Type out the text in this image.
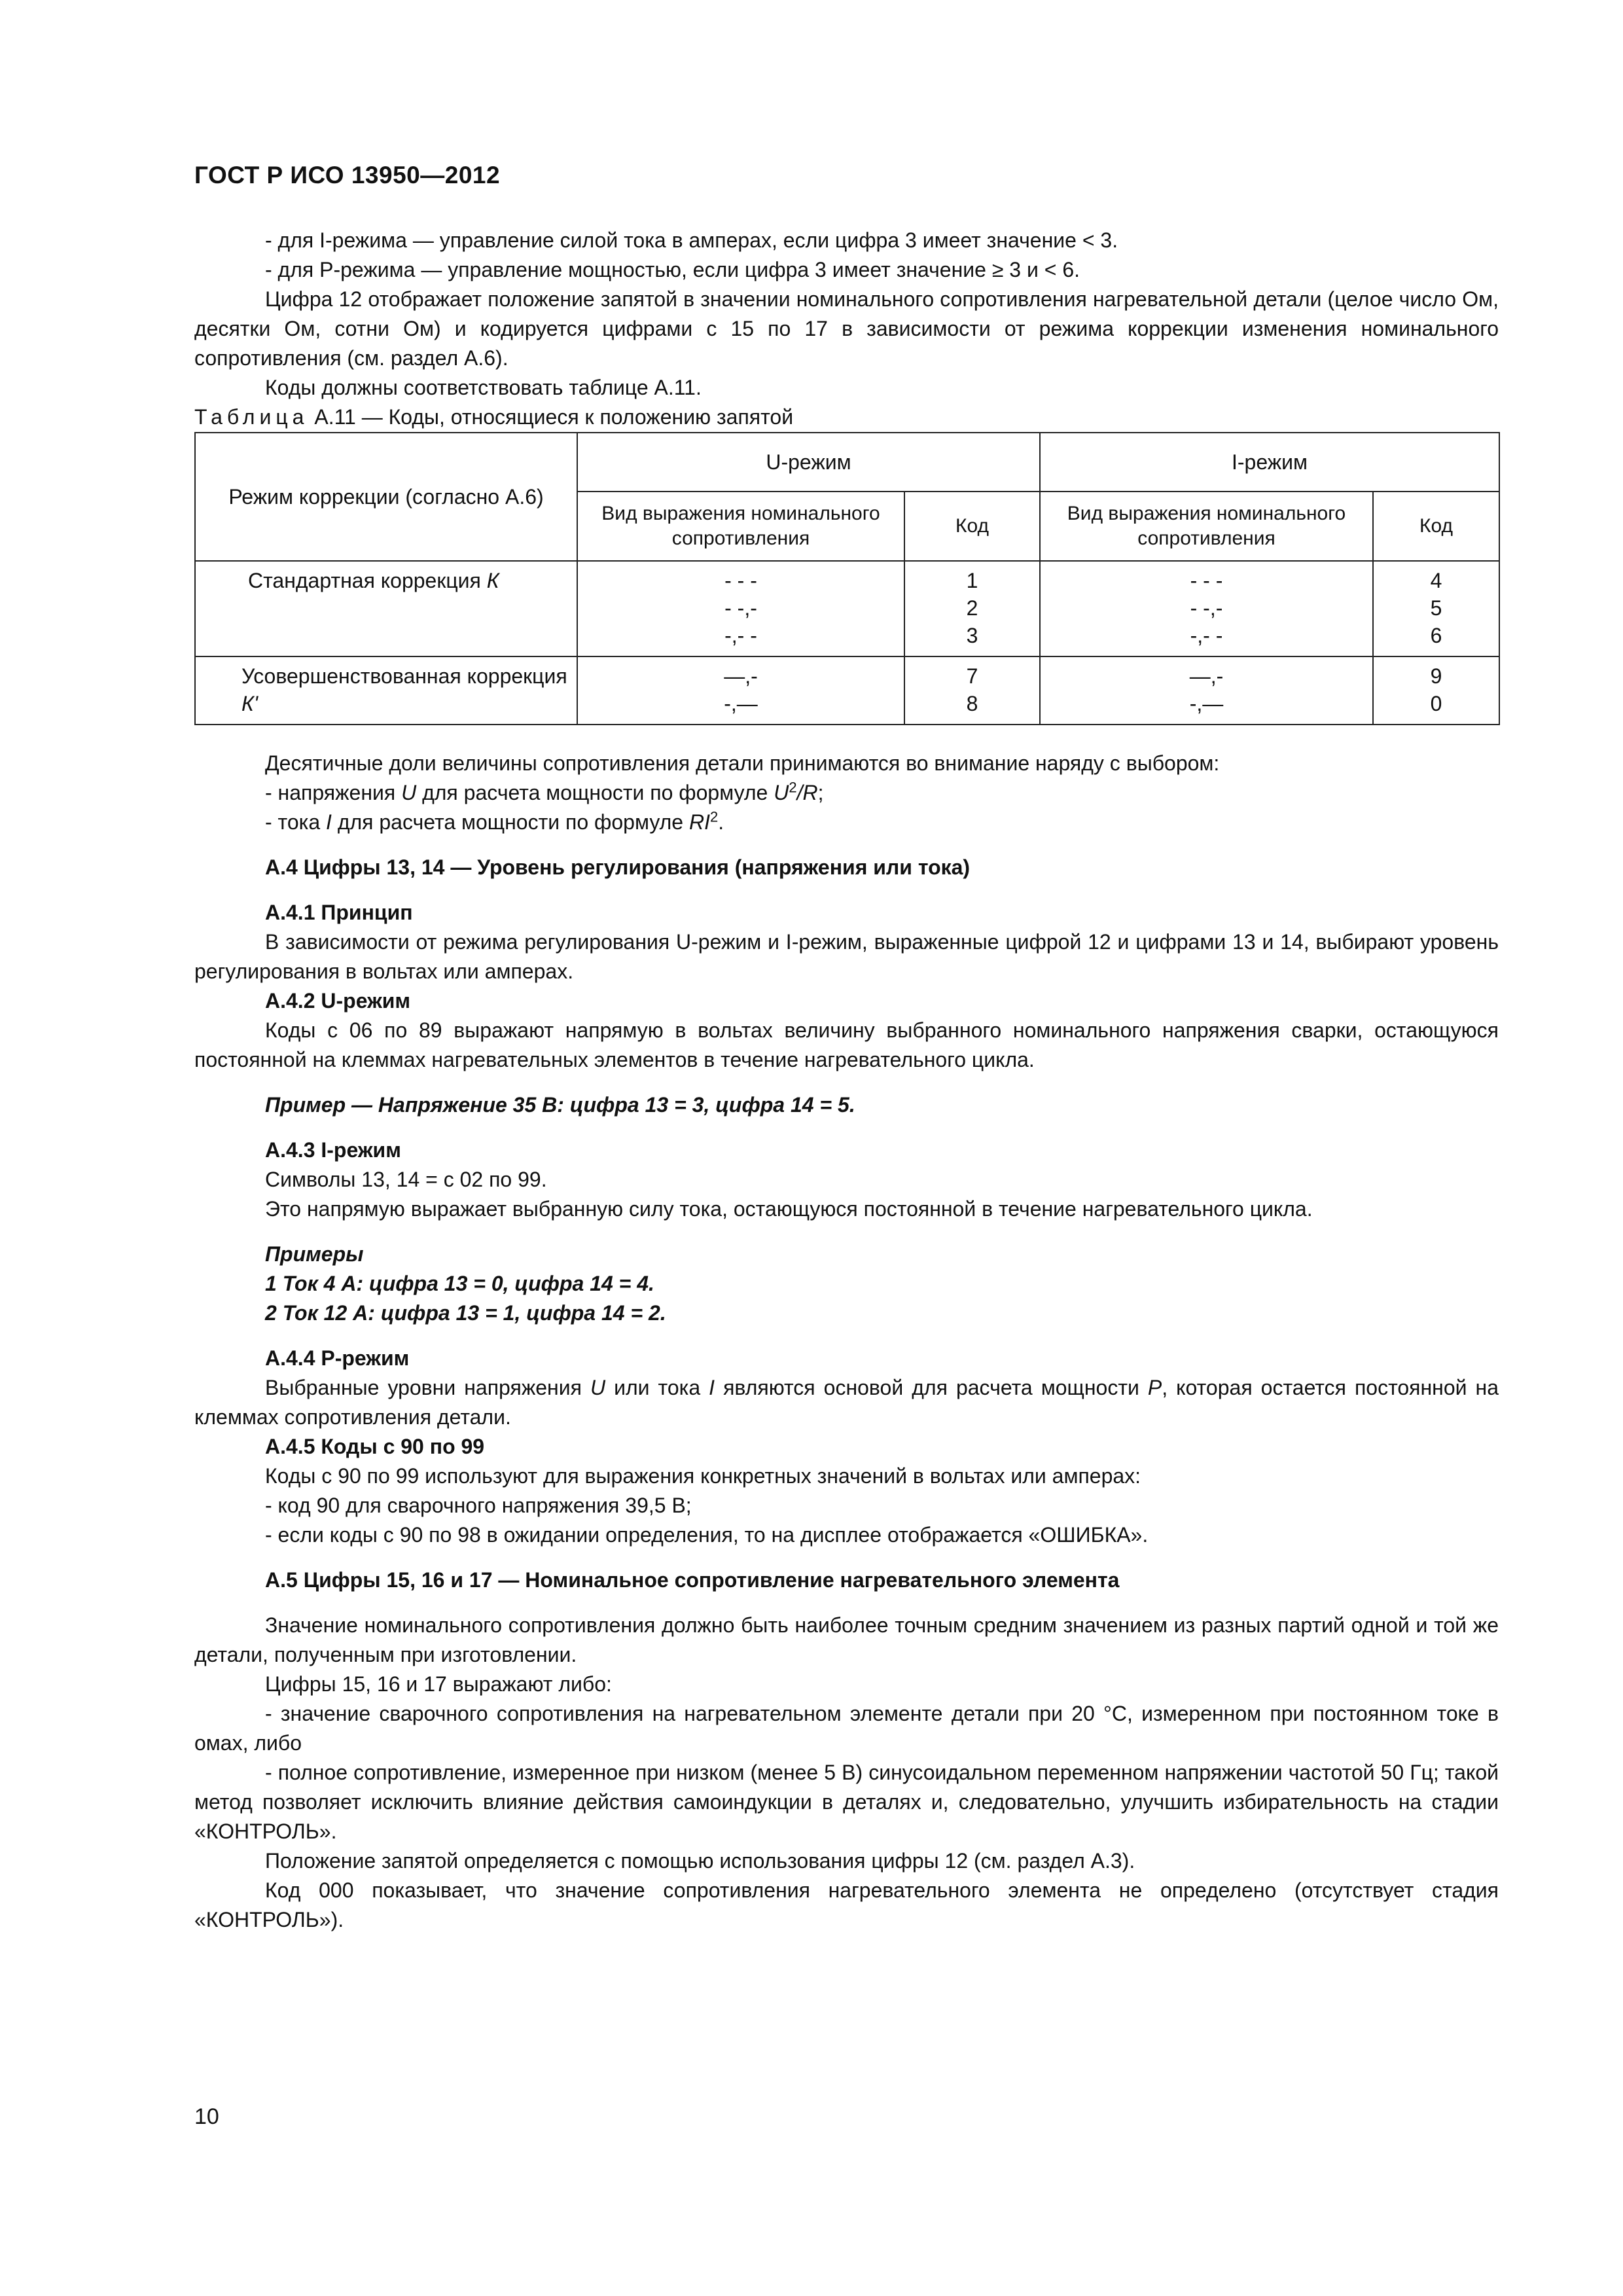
ГОСТ Р ИСО 13950—2012

- для I-режима — управление силой тока в амперах, если цифра 3 имеет значение < 3.

- для Р-режима — управление мощностью, если цифра 3 имеет значение ≥ 3 и < 6.

Цифра 12 отображает положение запятой в значении номинального сопротивления нагревательной детали (целое число Ом, десятки Ом, сотни Ом) и кодируется цифрами с 15 по 17 в зависимости от режима коррекции изменения номинального сопротивления (см. раздел А.6).

Коды должны соответствовать таблице А.11.

Таблица А.11 — Коды, относящиеся к положению запятой

Режим коррекции (согласно А.6)	U-режим		I-режим	
	Вид выражения номинального сопротивления	Код	Вид выражения номинального сопротивления	Код
Стандартная коррекция К	- - -
- -,-
-,- -	1
2
3	- - -
- -,-
-,- -	4
5
6

Усовершенствованная коррекция К'	—,-
-,—	7
8	—,-
-,—	9
0

Десятичные доли величины сопротивления детали принимаются во внимание наряду с выбором:

- напряжения U для расчета мощности по формуле $U^2/R$;

- тока I для расчета мощности по формуле $RI^2$.

А.4 Цифры 13, 14 — Уровень регулирования (напряжения или тока)

А.4.1 Принцип

В зависимости от режима регулирования U-режим и I-режим, выраженные цифрой 12 и цифрами 13 и 14, выбирают уровень регулирования в вольтах или амперах.

А.4.2 U-режим

Коды с 06 по 89 выражают напрямую в вольтах величину выбранного номинального напряжения сварки, остающуюся постоянной на клеммах нагревательных элементов в течение нагревательного цикла.

Пример — Напряжение 35 В: цифра 13 = 3, цифра 14 = 5.

А.4.3 I-режим

Символы 13, 14 = с 02 по 99.

Это напрямую выражает выбранную силу тока, остающуюся постоянной в течение нагревательного цикла.

Примеры

1 Ток 4 А: цифра 13 = 0, цифра 14 = 4.

2 Ток 12 А: цифра 13 = 1, цифра 14 = 2.

А.4.4 Р-режим

Выбранные уровни напряжения U или тока I являются основой для расчета мощности Р, которая остается постоянной на клеммах сопротивления детали.

А.4.5 Коды с 90 по 99

Коды с 90 по 99 используют для выражения конкретных значений в вольтах или амперах:

- код 90 для сварочного напряжения 39,5 В;

- если коды с 90 по 98 в ожидании определения, то на дисплее отображается «ОШИБКА».

А.5 Цифры 15, 16 и 17 — Номинальное сопротивление нагревательного элемента

Значение номинального сопротивления должно быть наиболее точным средним значением из разных партий одной и той же детали, полученным при изготовлении.

Цифры 15, 16 и 17 выражают либо:

- значение сварочного сопротивления на нагревательном элементе детали при 20 °С, измеренном при постоянном токе в омах, либо

- полное сопротивление, измеренное при низком (менее 5 В) синусоидальном переменном напряжении частотой 50 Гц; такой метод позволяет исключить влияние действия самоиндукции в деталях и, следовательно, улучшить избирательность на стадии «КОНТРОЛЬ».

Положение запятой определяется с помощью использования цифры 12 (см. раздел А.3).

Код 000 показывает, что значение сопротивления нагревательного элемента не определено (отсутствует стадия «КОНТРОЛЬ»).

10
